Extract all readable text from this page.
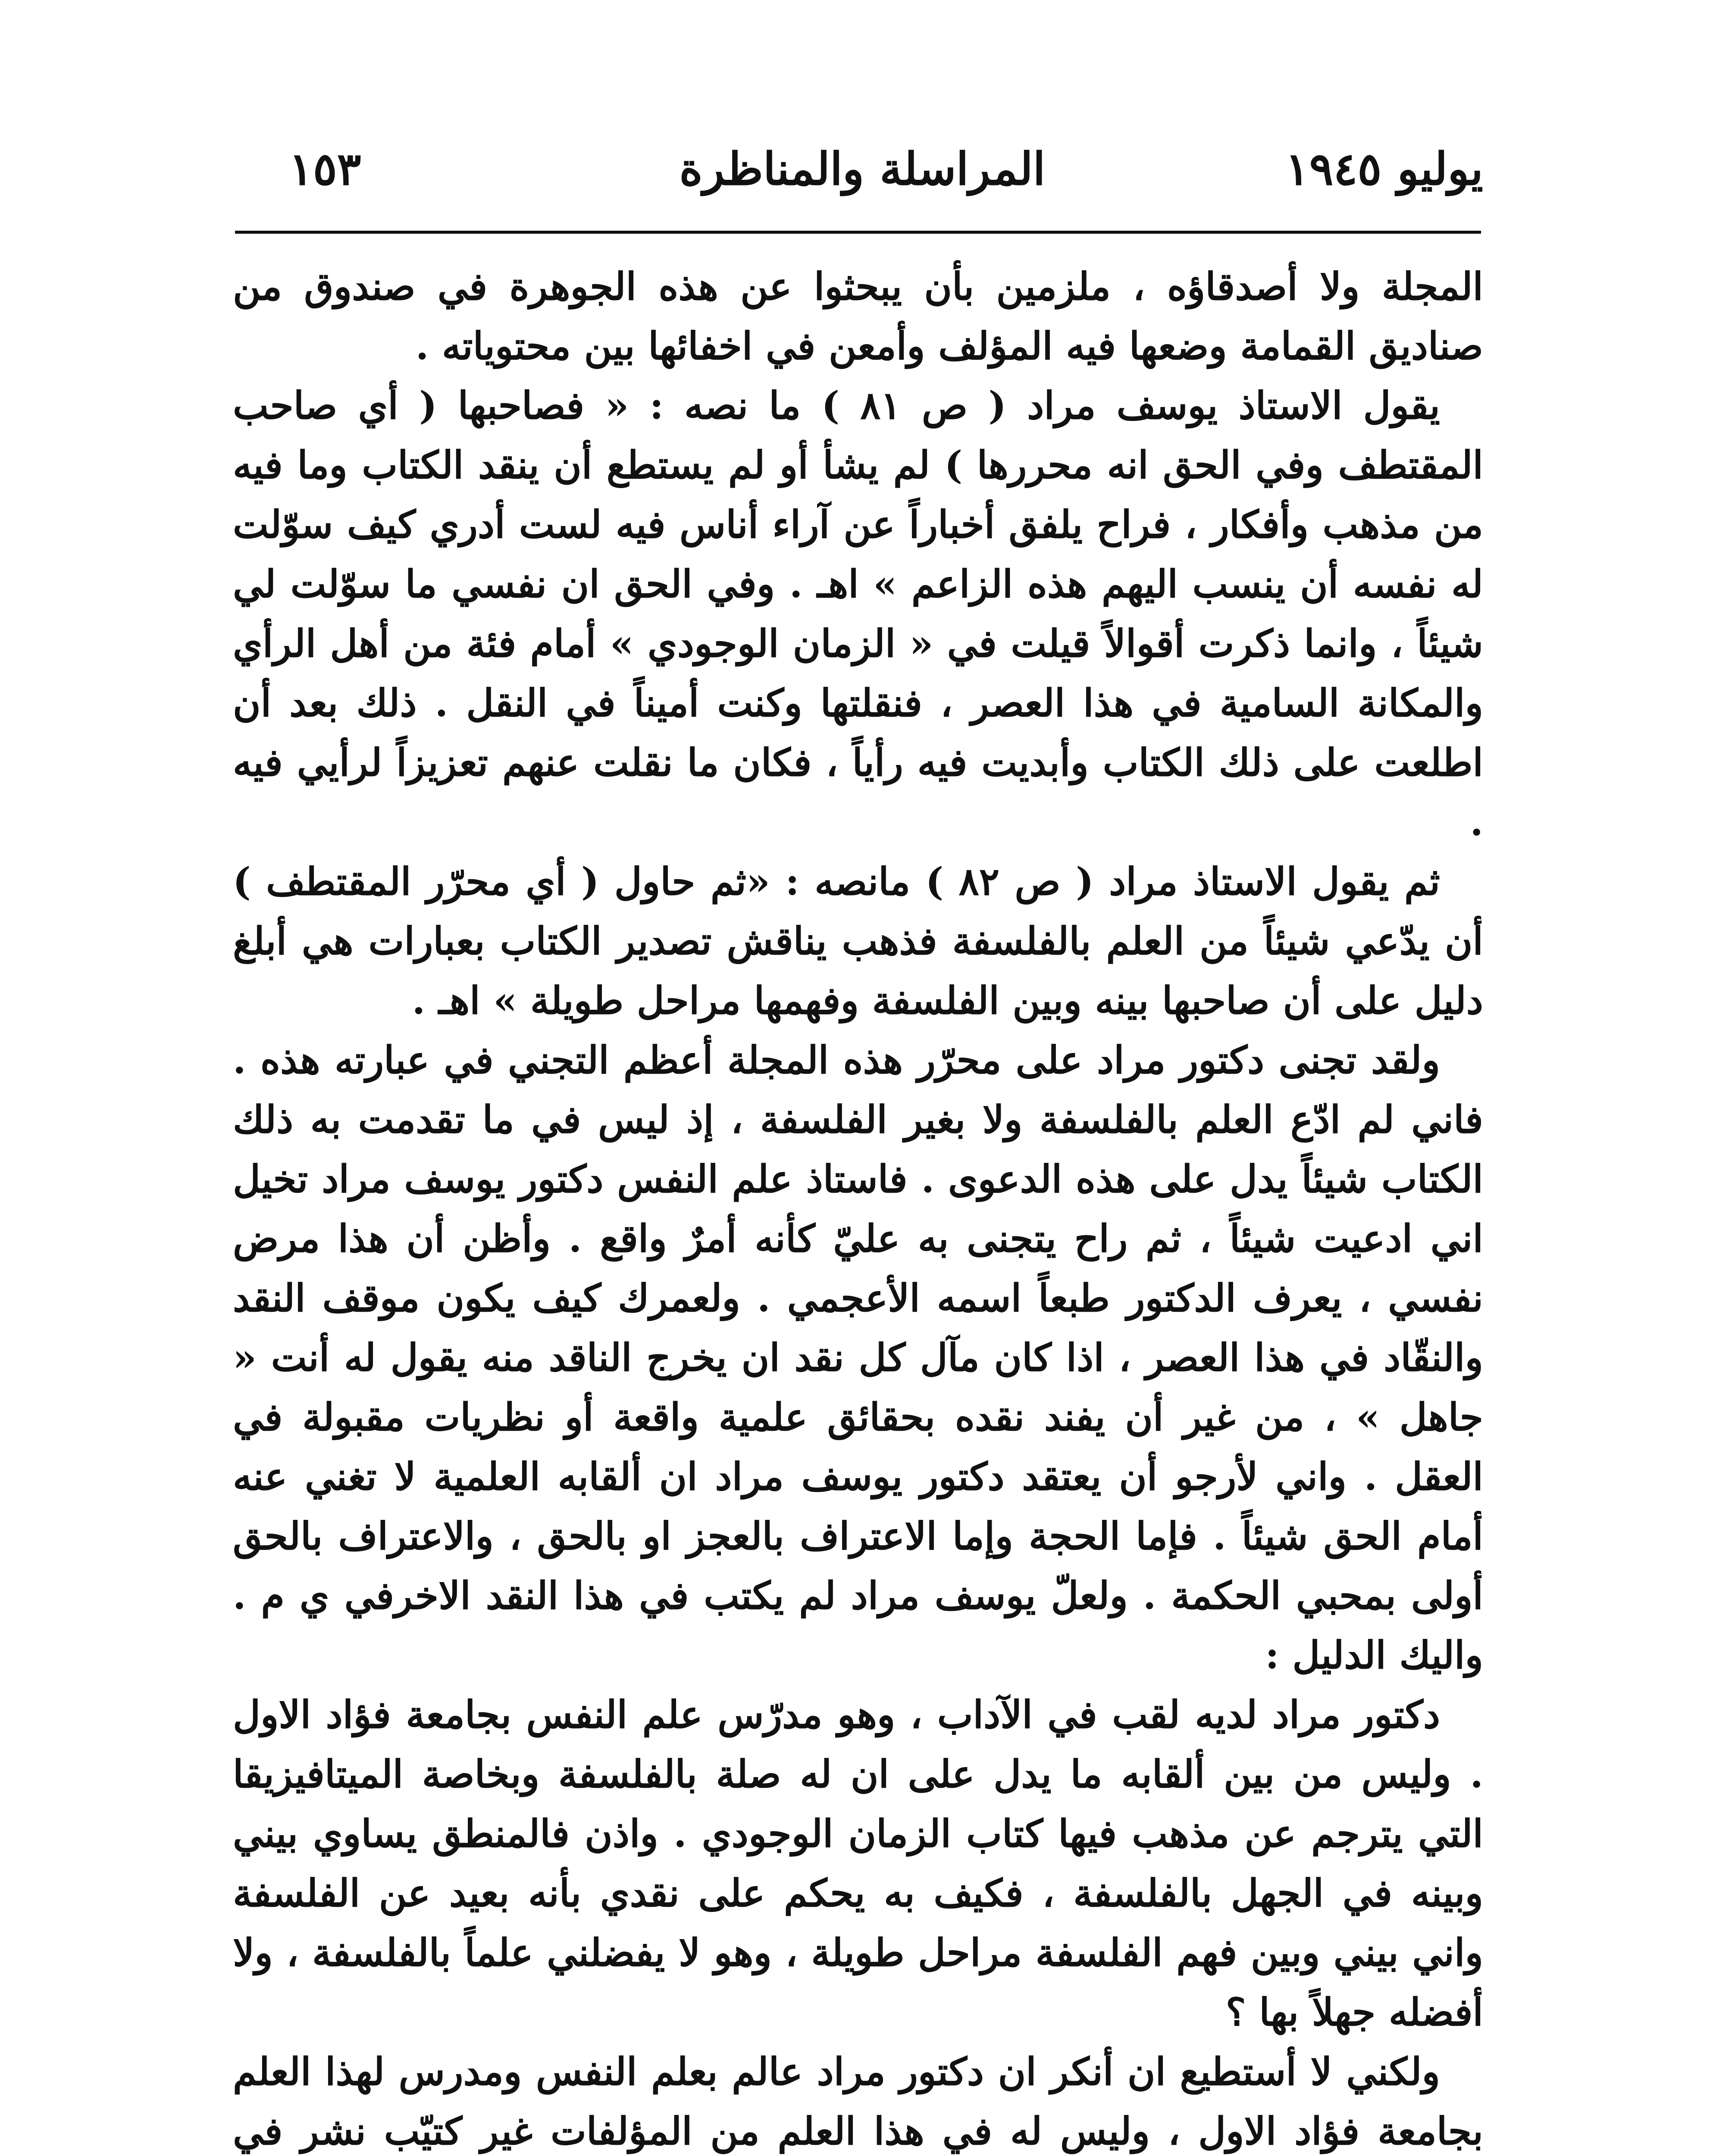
يوليو ١٩٤٥
المراسلة والمناظرة
١٥٣

المجلة ولا أصدقاؤه ، ملزمين بأن يبحثوا عن هذه الجوهرة في صندوق من صناديق القمامة وضعها فيه المؤلف وأمعن في اخفائها بين محتوياته .

يقول الاستاذ يوسف مراد ( ص ٨١ ) ما نصه : « فصاحبها ( أي صاحب المقتطف وفي الحق انه محررها ) لم يشأ أو لم يستطع أن ينقد الكتاب وما فيه من مذهب وأفكار ، فراح يلفق أخباراً عن آراء أناس فيه لست أدري كيف سوّلت له نفسه أن ينسب اليهم هذه الزاعم » اهـ . وفي الحق ان نفسي ما سوّلت لي شيئاً ، وانما ذكرت أقوالاً قيلت في « الزمان الوجودي » أمام فئة من أهل الرأي والمكانة السامية في هذا العصر ، فنقلتها وكنت أميناً في النقل . ذلك بعد أن اطلعت على ذلك الكتاب وأبديت فيه رأياً ، فكان ما نقلت عنهم تعزيزاً لرأيي فيه .

ثم يقول الاستاذ مراد ( ص ٨٢ ) مانصه : «ثم حاول ( أي محرّر المقتطف ) أن يدّعي شيئاً من العلم بالفلسفة فذهب يناقش تصدير الكتاب بعبارات هي أبلغ دليل على أن صاحبها بينه وبين الفلسفة وفهمها مراحل طويلة » اهـ .

ولقد تجنى دكتور مراد على محرّر هذه المجلة أعظم التجني في عبارته هذه . فاني لم ادّع العلم بالفلسفة ولا بغير الفلسفة ، إذ ليس في ما تقدمت به ذلك الكتاب شيئاً يدل على هذه الدعوى . فاستاذ علم النفس دكتور يوسف مراد تخيل اني ادعيت شيئاً ، ثم راح يتجنى به عليّ كأنه أمرٌ واقع . وأظن أن هذا مرض نفسي ، يعرف الدكتور طبعاً اسمه الأعجمي . ولعمرك كيف يكون موقف النقد والنقّاد في هذا العصر ، اذا كان مآل كل نقد ان يخرج الناقد منه يقول له أنت « جاهل » ، من غير أن يفند نقده بحقائق علمية واقعة أو نظريات مقبولة في العقل . واني لأرجو أن يعتقد دكتور يوسف مراد ان ألقابه العلمية لا تغني عنه أمام الحق شيئاً . فإما الحجة وإما الاعتراف بالعجز او بالحق ، والاعتراف بالحق أولى بمحبي الحكمة . ولعلّ يوسف مراد لم يكتب في هذا النقد الاخرفي ي م . واليك الدليل :

دكتور مراد لديه لقب في الآداب ، وهو مدرّس علم النفس بجامعة فؤاد الاول . وليس من بين ألقابه ما يدل على ان له صلة بالفلسفة وبخاصة الميتافيزيقا التي يترجم عن مذهب فيها كتاب الزمان الوجودي . واذن فالمنطق يساوي بيني وبينه في الجهل بالفلسفة ، فكيف به يحكم على نقدي بأنه بعيد عن الفلسفة واني بيني وبين فهم الفلسفة مراحل طويلة ، وهو لا يفضلني علماً بالفلسفة ، ولا أفضله جهلاً بها ؟

ولكني لا أستطيع ان أنكر ان دكتور مراد عالم بعلم النفس ومدرس لهذا العلم بجامعة فؤاد الاول ، وليس له في هذا العلم من المؤلفات غير كتيّب نشر في
